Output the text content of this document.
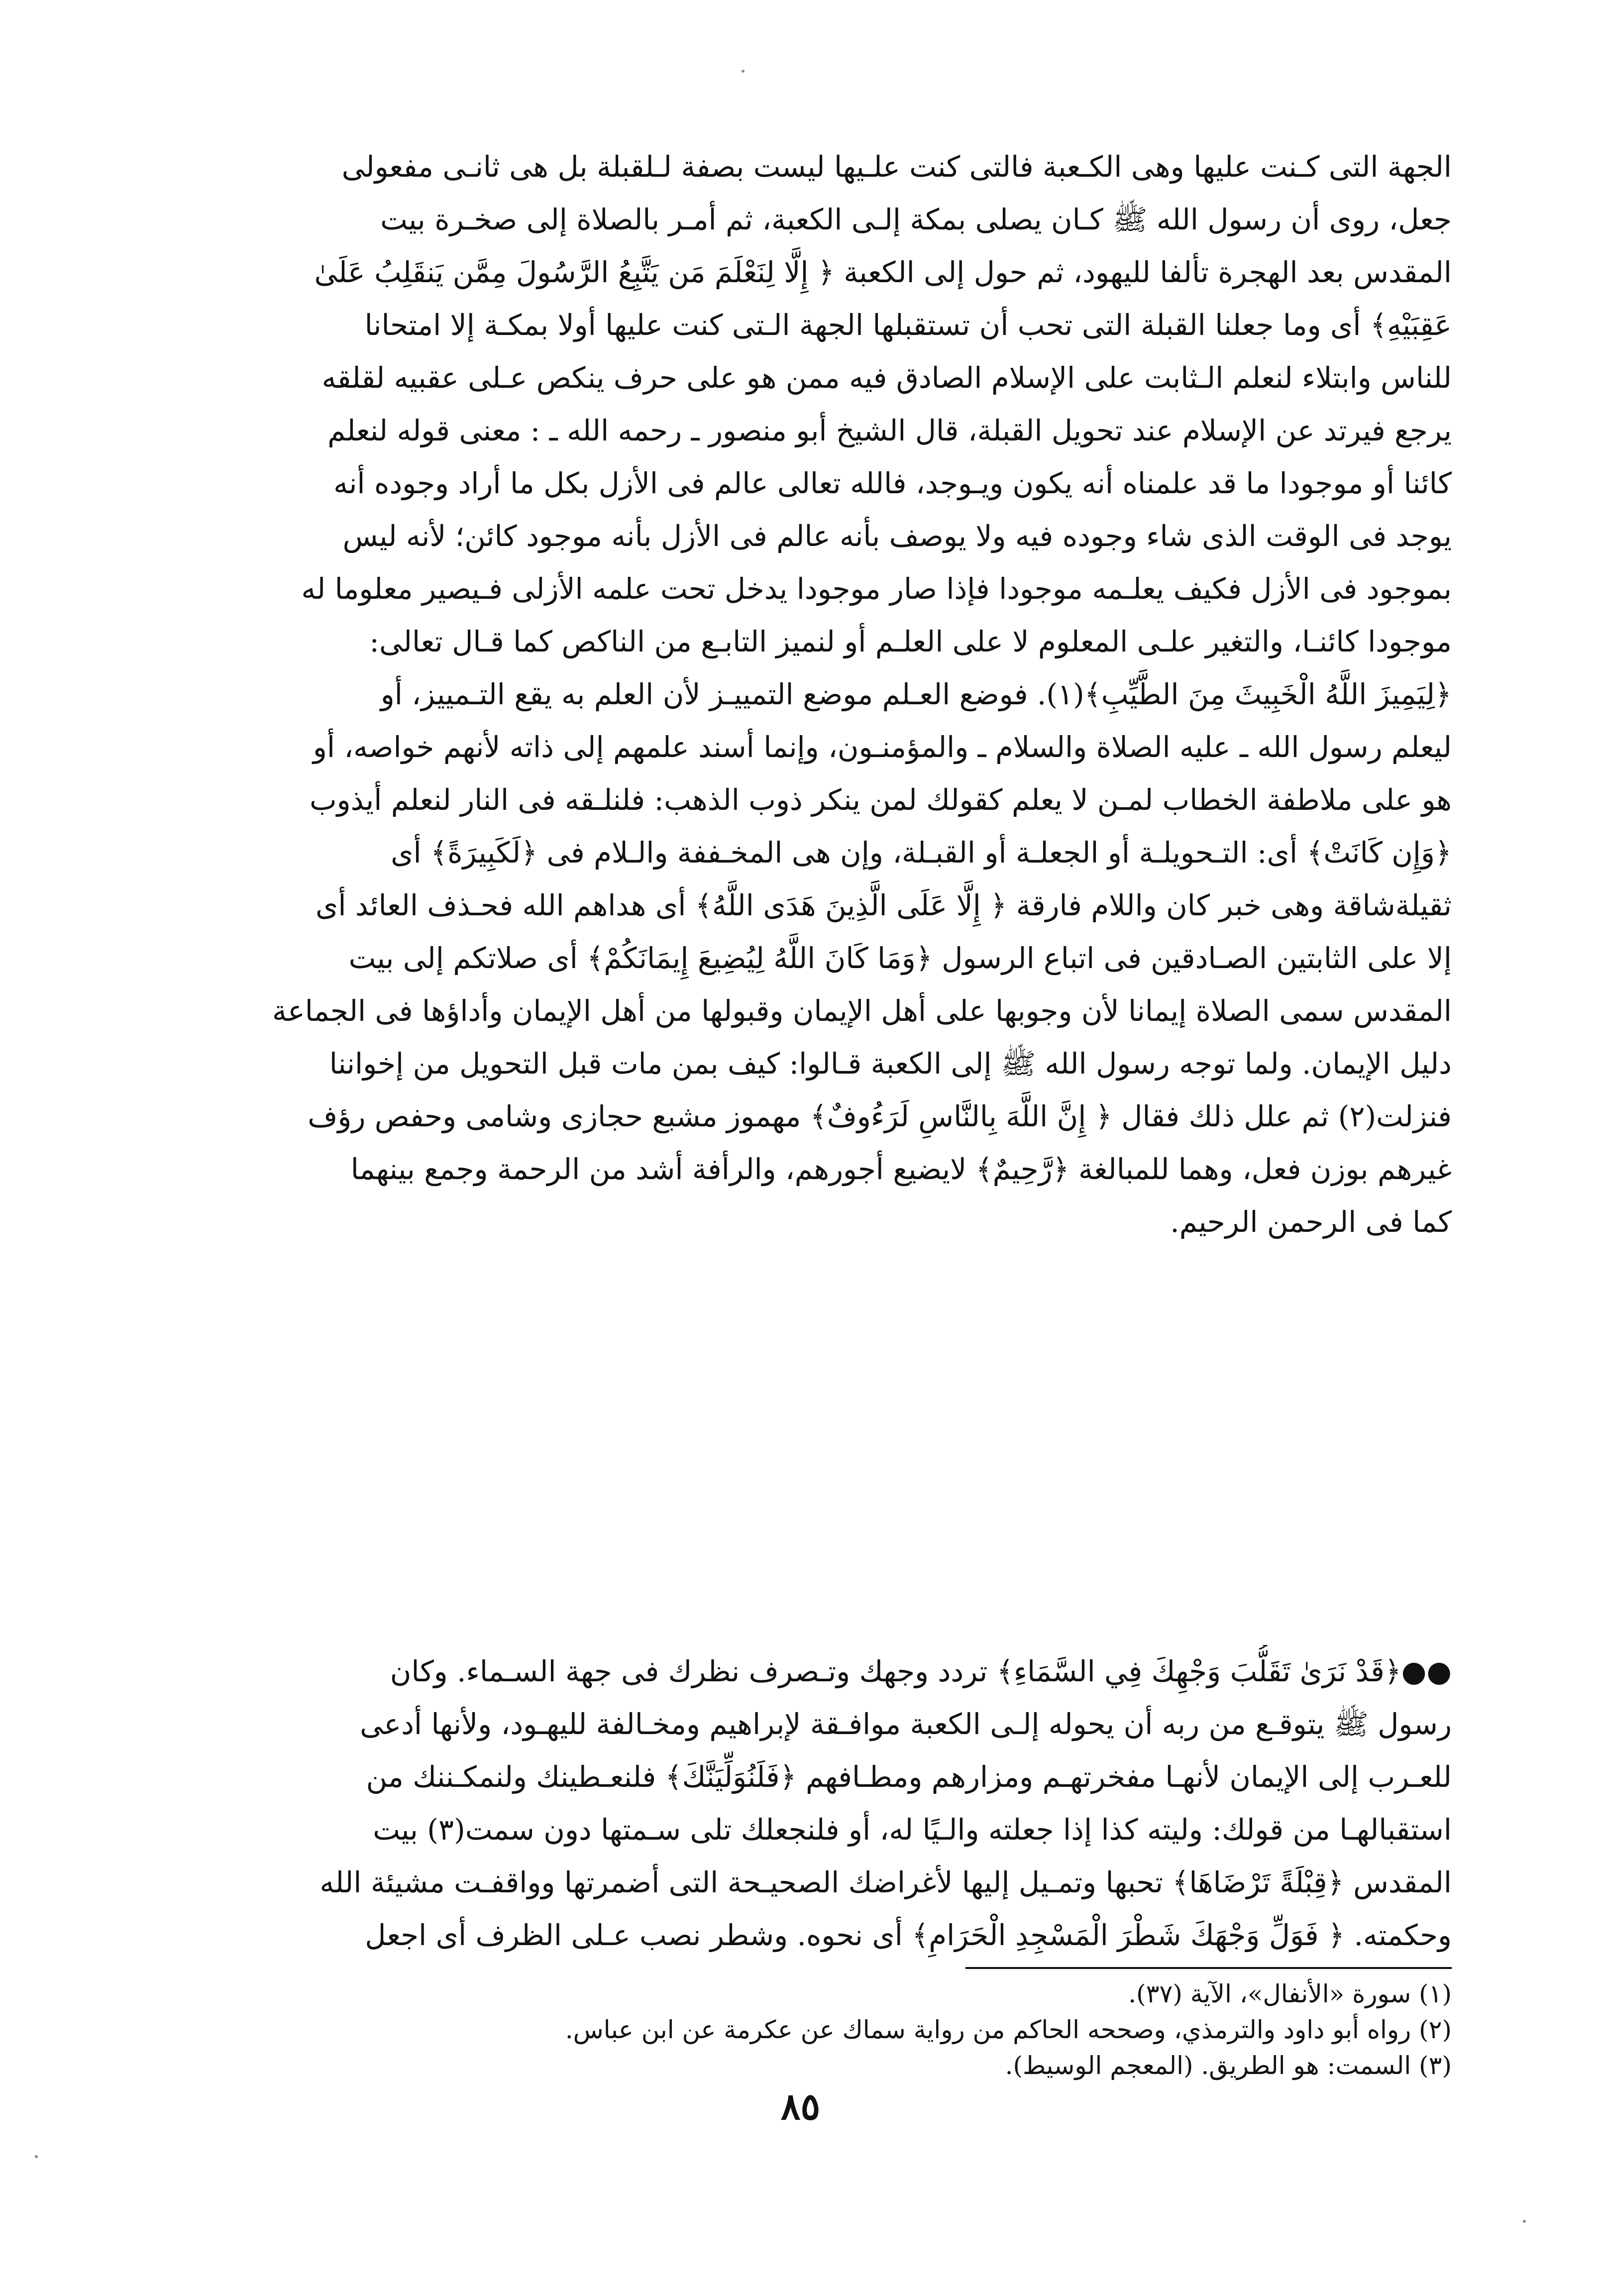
الجهة التى كـنت عليها وهى الكـعبة فالتى كنت علـيها ليست بصفة لـلقبلة بل هى ثانـى مفعولى
جعل، روى أن رسول الله ﷺ كـان يصلى بمكة إلـى الكعبة، ثم أمـر بالصلاة إلى صخـرة بيت
المقدس بعد الهجرة تألفا لليهود، ثم حول إلى الكعبة ﴿ إِلَّا لِنَعْلَمَ مَن يَتَّبِعُ الرَّسُولَ مِمَّن يَنقَلِبُ عَلَىٰ
عَقِبَيْهِ﴾ أى وما جعلنا القبلة التى تحب أن تستقبلها الجهة الـتى كنت عليها أولا بمكـة إلا امتحانا
للناس وابتلاء لنعلم الـثابت على الإسلام الصادق فيه ممن هو على حرف ينكص عـلى عقبيه لقلقه
يرجع فيرتد عن الإسلام عند تحويل القبلة، قال الشيخ أبو منصور ـ رحمه الله ـ : معنى قوله لنعلم
كائنا أو موجودا ما قد علمناه أنه يكون ويـوجد، فالله تعالى عالم فى الأزل بكل ما أراد وجوده أنه
يوجد فى الوقت الذى شاء وجوده فيه ولا يوصف بأنه عالم فى الأزل بأنه موجود كائن؛ لأنه ليس
بموجود فى الأزل فكيف يعلـمه موجودا فإذا صار موجودا يدخل تحت علمه الأزلى فـيصير معلوما له
موجودا كائنـا، والتغير علـى المعلوم لا على العلـم أو لنميز التابـع من الناكص كما قـال تعالى:
﴿لِيَمِيزَ اللَّهُ الْخَبِيثَ مِنَ الطَّيِّبِ﴾(١). فوضع العـلم موضع التمييـز لأن العلم به يقع التـمييز، أو
ليعلم رسول الله ـ عليه الصلاة والسلام ـ والمؤمنـون، وإنما أسند علمهم إلى ذاته لأنهم خواصه، أو
هو على ملاطفة الخطاب لمـن لا يعلم كقولك لمن ينكر ذوب الذهب: فلنلـقه فى النار لنعلم أيذوب
﴿وَإِن كَانَتْ﴾ أى: التـحويلـة أو الجعلـة أو القبـلة، وإن هى المخـففة والـلام فى ﴿لَكَبِيرَةً﴾ أى
ثقيلةشاقة وهى خبر كان واللام فارقة ﴿ إِلَّا عَلَى الَّذِينَ هَدَى اللَّهُ﴾ أى هداهم الله فحـذف العائد أى
إلا على الثابتين الصـادقين فى اتباع الرسول ﴿وَمَا كَانَ اللَّهُ لِيُضِيعَ إِيمَانَكُمْ﴾ أى صلاتكم إلى بيت
المقدس سمى الصلاة إيمانا لأن وجوبها على أهل الإيمان وقبولها من أهل الإيمان وأداؤها فى الجماعة
دليل الإيمان. ولما توجه رسول الله ﷺ إلى الكعبة قـالوا: كيف بمن مات قبل التحويل من إخواننا
فنزلت(٢) ثم علل ذلك فقال ﴿ إِنَّ اللَّهَ بِالنَّاسِ لَرَءُوفٌ﴾ مهموز مشبع حجازى وشامى وحفص رؤف
غيرهم بوزن فعل، وهما للمبالغة ﴿رَّحِيمٌ﴾ لايضيع أجورهم، والرأفة أشد من الرحمة وجمع بينهما
كما فى الرحمن الرحيم.
●●﴿قَدْ نَرَىٰ تَقَلُّبَ وَجْهِكَ فِي السَّمَاءِ﴾ تردد وجهك وتـصرف نظرك فى جهة السـماء. وكان
رسول ﷺ يتوقـع من ربه أن يحوله إلـى الكعبة موافـقة لإبراهيم ومخـالفة لليهـود، ولأنها أدعى
للعـرب إلى الإيمان لأنهـا مفخرتهـم ومزارهم ومطـافهم ﴿فَلَنُوَلِّيَنَّكَ﴾ فلنعـطينك ولنمكـننك من
استقبالهـا من قولك: وليته كذا إذا جعلته والـيًا له، أو فلنجعلك تلى سـمتها دون سمت(٣) بيت
المقدس ﴿قِبْلَةً تَرْضَاهَا﴾ تحبها وتمـيل إليها لأغراضك الصحيـحة التى أضمرتها وواقفـت مشيئة الله
وحكمته. ﴿ فَوَلِّ وَجْهَكَ شَطْرَ الْمَسْجِدِ الْحَرَامِ﴾ أى نحوه. وشطر نصب عـلى الظرف أى اجعل
(١) سورة «الأنفال»، الآية (٣٧).
(٢) رواه أبو داود والترمذي، وصححه الحاكم من رواية سماك عن عكرمة عن ابن عباس.
(٣) السمت: هو الطريق. (المعجم الوسيط).
٨٥
